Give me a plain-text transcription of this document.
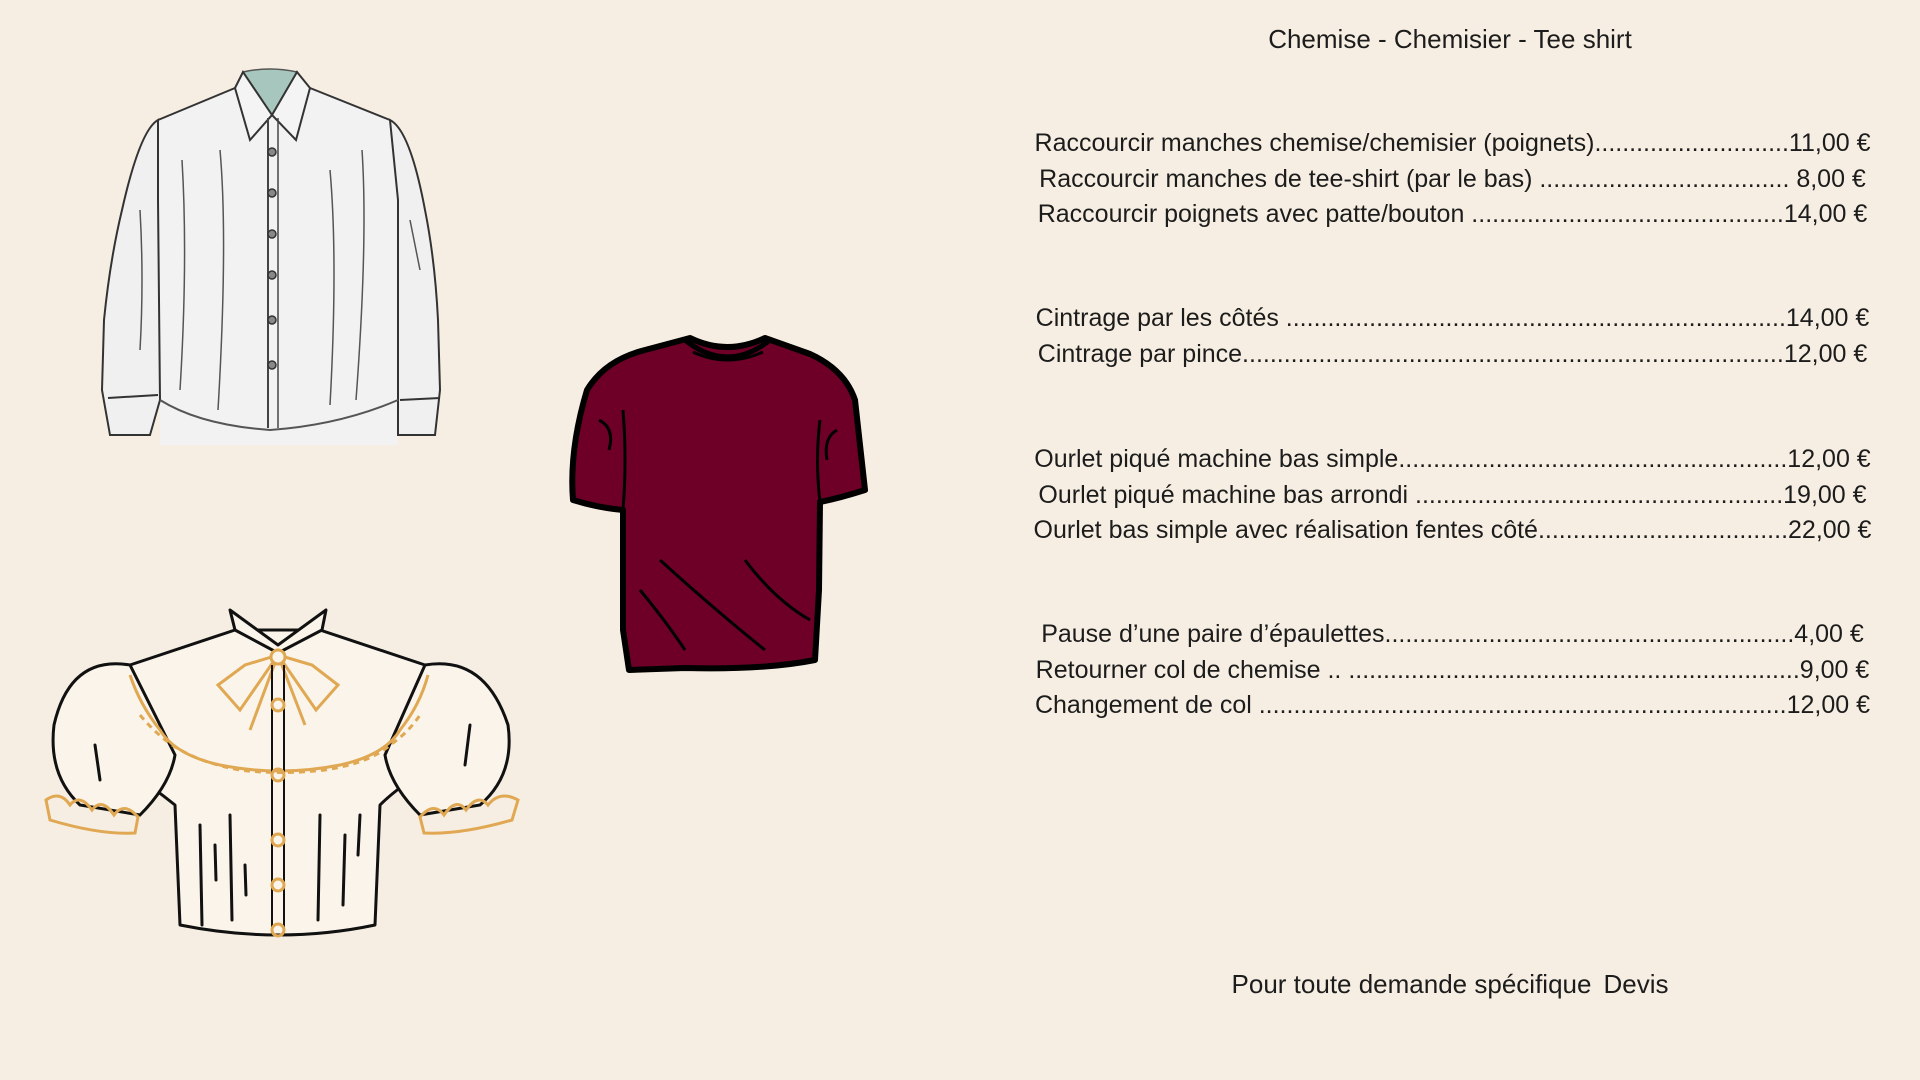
Chemise - Chemisier - Tee shirt
Raccourcir manches chemise/chemisier (poignets)............................11,00 €
Raccourcir manches de tee-shirt (par le bas) .................................... 8,00 €
Raccourcir poignets avec patte/bouton .............................................14,00 €
Cintrage par les côtés ........................................................................14,00 €
Cintrage par pince..............................................................................12,00 €
Ourlet piqué machine bas simple........................................................12,00 €
Ourlet piqué machine bas arrondi .....................................................19,00 €
Ourlet bas simple avec réalisation fentes côté....................................22,00 €
Pause d’une paire d’épaulettes...........................................................4,00 €
Retourner col de chemise .. .................................................................9,00 €
Changement de col ............................................................................12,00 €
Pour toute demande spécifique Devis
